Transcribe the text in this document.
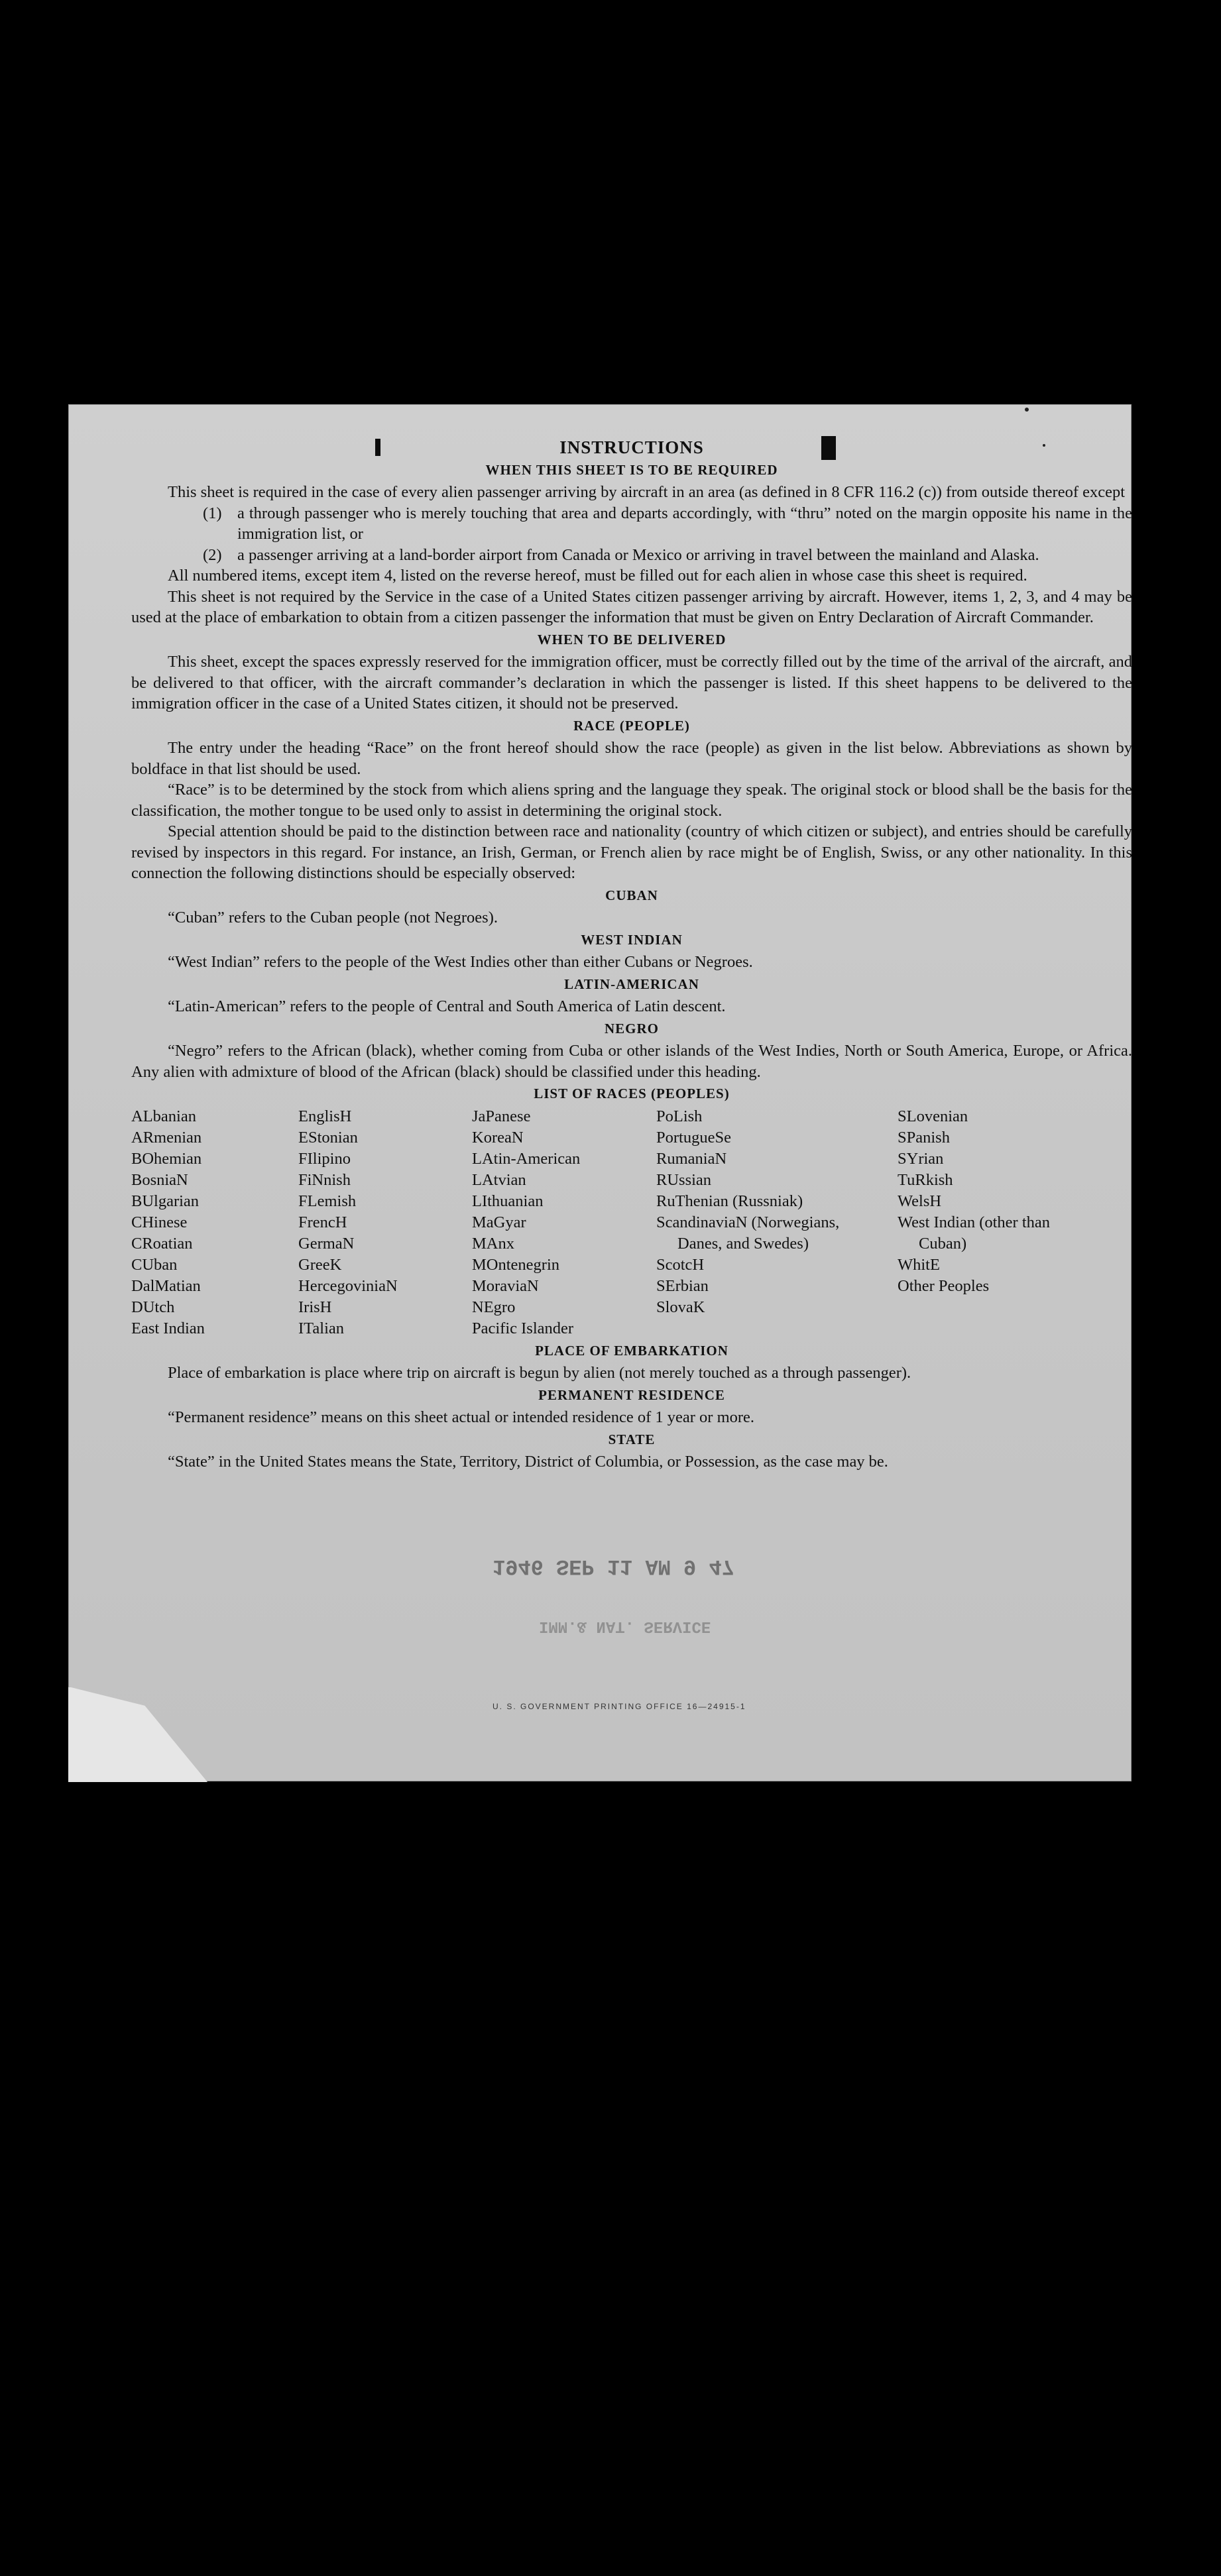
INSTRUCTIONS
WHEN THIS SHEET IS TO BE REQUIRED

This sheet is required in the case of every alien passenger arriving by aircraft in an area (as defined in 8 CFR 116.2 (c)) from outside thereof except

(1) a through passenger who is merely touching that area and departs accordingly, with “thru” noted on the margin opposite his name in the immigration list, or
(2) a passenger arriving at a land-border airport from Canada or Mexico or arriving in travel between the mainland and Alaska.

All numbered items, except item 4, listed on the reverse hereof, must be filled out for each alien in whose case this sheet is required.

This sheet is not required by the Service in the case of a United States citizen passenger arriving by aircraft. However, items 1, 2, 3, and 4 may be used at the place of embarkation to obtain from a citizen passenger the information that must be given on Entry Declaration of Aircraft Commander.

WHEN TO BE DELIVERED

This sheet, except the spaces expressly reserved for the immigration officer, must be correctly filled out by the time of the arrival of the aircraft, and be delivered to that officer, with the aircraft commander’s declaration in which the passenger is listed. If this sheet happens to be delivered to the immigration officer in the case of a United States citizen, it should not be preserved.

RACE (PEOPLE)

The entry under the heading “Race” on the front hereof should show the race (people) as given in the list below. Abbreviations as shown by boldface in that list should be used.

“Race” is to be determined by the stock from which aliens spring and the language they speak. The original stock or blood shall be the basis for the classification, the mother tongue to be used only to assist in determining the original stock.

Special attention should be paid to the distinction between race and nationality (country of which citizen or subject), and entries should be carefully revised by inspectors in this regard. For instance, an Irish, German, or French alien by race might be of English, Swiss, or any other nationality. In this connection the following distinctions should be especially observed:

CUBAN

“Cuban” refers to the Cuban people (not Negroes).

WEST INDIAN

“West Indian” refers to the people of the West Indies other than either Cubans or Negroes.

LATIN-AMERICAN

“Latin-American” refers to the people of Central and South America of Latin descent.

NEGRO

“Negro” refers to the African (black), whether coming from Cuba or other islands of the West Indies, North or South America, Europe, or Africa. Any alien with admixture of blood of the African (black) should be classified under this heading.

LIST OF RACES (PEOPLES)
ALbanian
ARmenian
BOhemian
BosniaN
BUlgarian
CHinese
CRoatian
CUban
DalMatian
DUtch
East Indian
EnglisH
EStonian
FIlipino
FiNnish
FLemish
FrencH
GermaN
GreeK
HercegoviniaN
IrisH
ITalian
JaPanese
KoreaN
LAtin-American
LAtvian
LIthuanian
MaGyar
MAnx
MOntenegrin
MoraviaN
NEgro
Pacific Islander
PoLish
PortugueSe
RumaniaN
RUssian
RuThenian (Russniak)
ScandinaviaN (Norwegians, Danes, and Swedes)
ScotcH
SErbian
SlovaK
SLovenian
SPanish
SYrian
TuRkish
WelsH
West Indian (other than Cuban)
WhitE
Other Peoples
PLACE OF EMBARKATION

Place of embarkation is place where trip on aircraft is begun by alien (not merely touched as a through passenger).

PERMANENT RESIDENCE

“Permanent residence” means on this sheet actual or intended residence of 1 year or more.

STATE

“State” in the United States means the State, Territory, District of Columbia, or Possession, as the case may be.

1946 SEP 11 AM 9 47
IMM.& NAT. SERVICE
U. S. GOVERNMENT PRINTING OFFICE 16—24915-1
